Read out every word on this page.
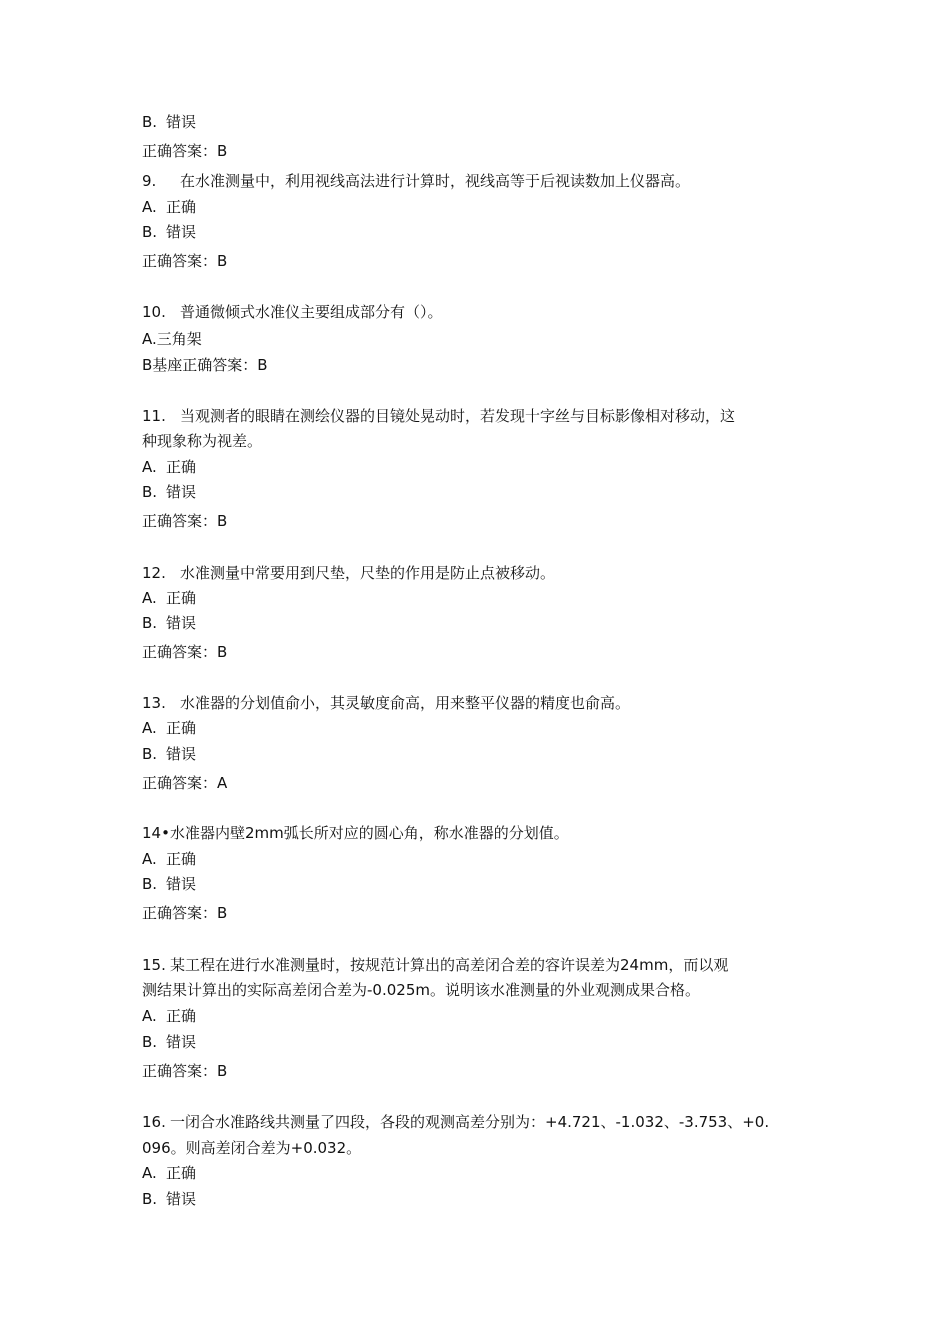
B. 错误
正确答案：B
9. 在水准测量中，利用视线高法进行计算时，视线高等于后视读数加上仪器高。
A. 正确
B. 错误
正确答案：B
10. 普通微倾式水准仪主要组成部分有（）。
A.三角架
B基座正确答案：B
11. 当观测者的眼睛在测绘仪器的目镜处晃动时，若发现十字丝与目标影像相对移动，这
种现象称为视差。
A. 正确
B. 错误
正确答案：B
12. 水准测量中常要用到尺垫，尺垫的作用是防止点被移动。
A. 正确
B. 错误
正确答案：B
13. 水准器的分划值俞小，其灵敏度俞高，用来整平仪器的精度也俞高。
A. 正确
B. 错误
正确答案：A
14•水准器内壁2mm弧长所对应的圆心角，称水准器的分划值。
A. 正确
B. 错误
正确答案：B
15. 某工程在进行水准测量时，按规范计算出的高差闭合差的容许误差为24mm，而以观
测结果计算出的实际高差闭合差为-0.025m。说明该水准测量的外业观测成果合格。
A. 正确
B. 错误
正确答案：B
16. 一闭合水准路线共测量了四段，各段的观测高差分别为：+4.721、-1.032、-3.753、+0.
096。则高差闭合差为+0.032。
A. 正确
B. 错误
